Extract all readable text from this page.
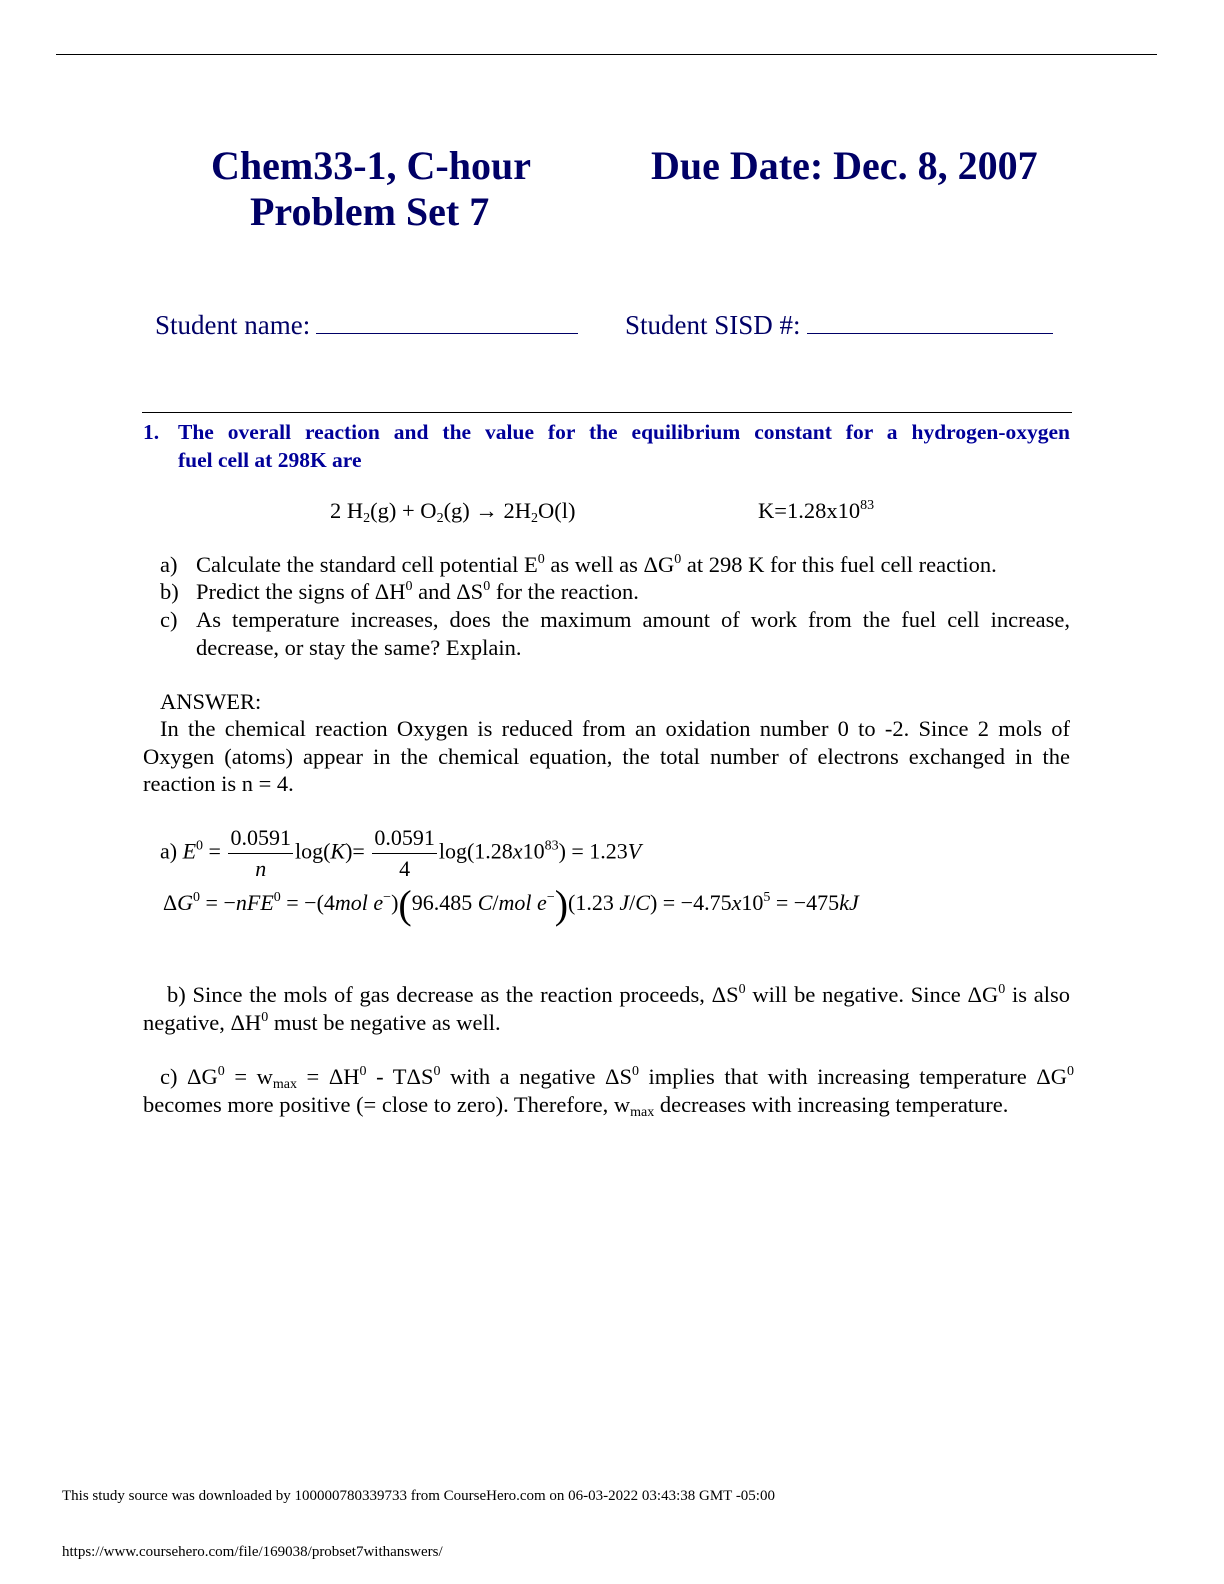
Chem33-1, C-hour
Problem Set 7
Due Date: Dec. 8, 2007
Student name:	Student SISD #:
1. The overall reaction and the value for the equilibrium constant for a hydrogen-oxygen
fuel cell at 298K are
2 $H_2(g) + O_2(g) \to 2H_2O(l)$	$K=1.28x10^{83}$
a) Calculate the standard cell potential $E^0$ as well as $\Delta G^0$ at 298 K for this fuel cell reaction.
b) Predict the signs of $\Delta H^0$ and $\Delta S^0$ for the reaction.
c) As temperature increases, does the maximum amount of work from the fuel cell increase, decrease, or stay the same? Explain.
ANSWER:
In the chemical reaction Oxygen is reduced from an oxidation number 0 to -2. Since 2 mols of Oxygen (atoms) appear in the chemical equation, the total number of electrons exchanged in the reaction is n = 4.
a) $E^0 = \frac{0.0591}{n} \log(K)= \frac{0.0591}{4} \log(1.28x10^{83}) = 1.23V$
$\Delta G^0 = -nFE^0 = -(4mol$ e−)(96.485 C/mol e−)(1.23 $J/C) = -4.75x10^5 = -475kJ$
b) Since the mols of gas decrease as the reaction proceeds, $\Delta S^0$ will be negative. Since $\Delta G^0$ is also negative, $\Delta H^0$ must be negative as well.
c) $\Delta G^0 = w_{max} = \Delta H^0 - T\Delta S^0$ with a negative $\Delta S^0$ implies that with increasing temperature $\Delta G^0$ becomes more positive (= close to zero). Therefore, $w_{max}$ decreases with increasing temperature.
This study source was downloaded by 100000780339733 from CourseHero.com on 06-03-2022 03:43:38 GMT -05:00
https://www.coursehero.com/file/169038/probset7withanswers/
